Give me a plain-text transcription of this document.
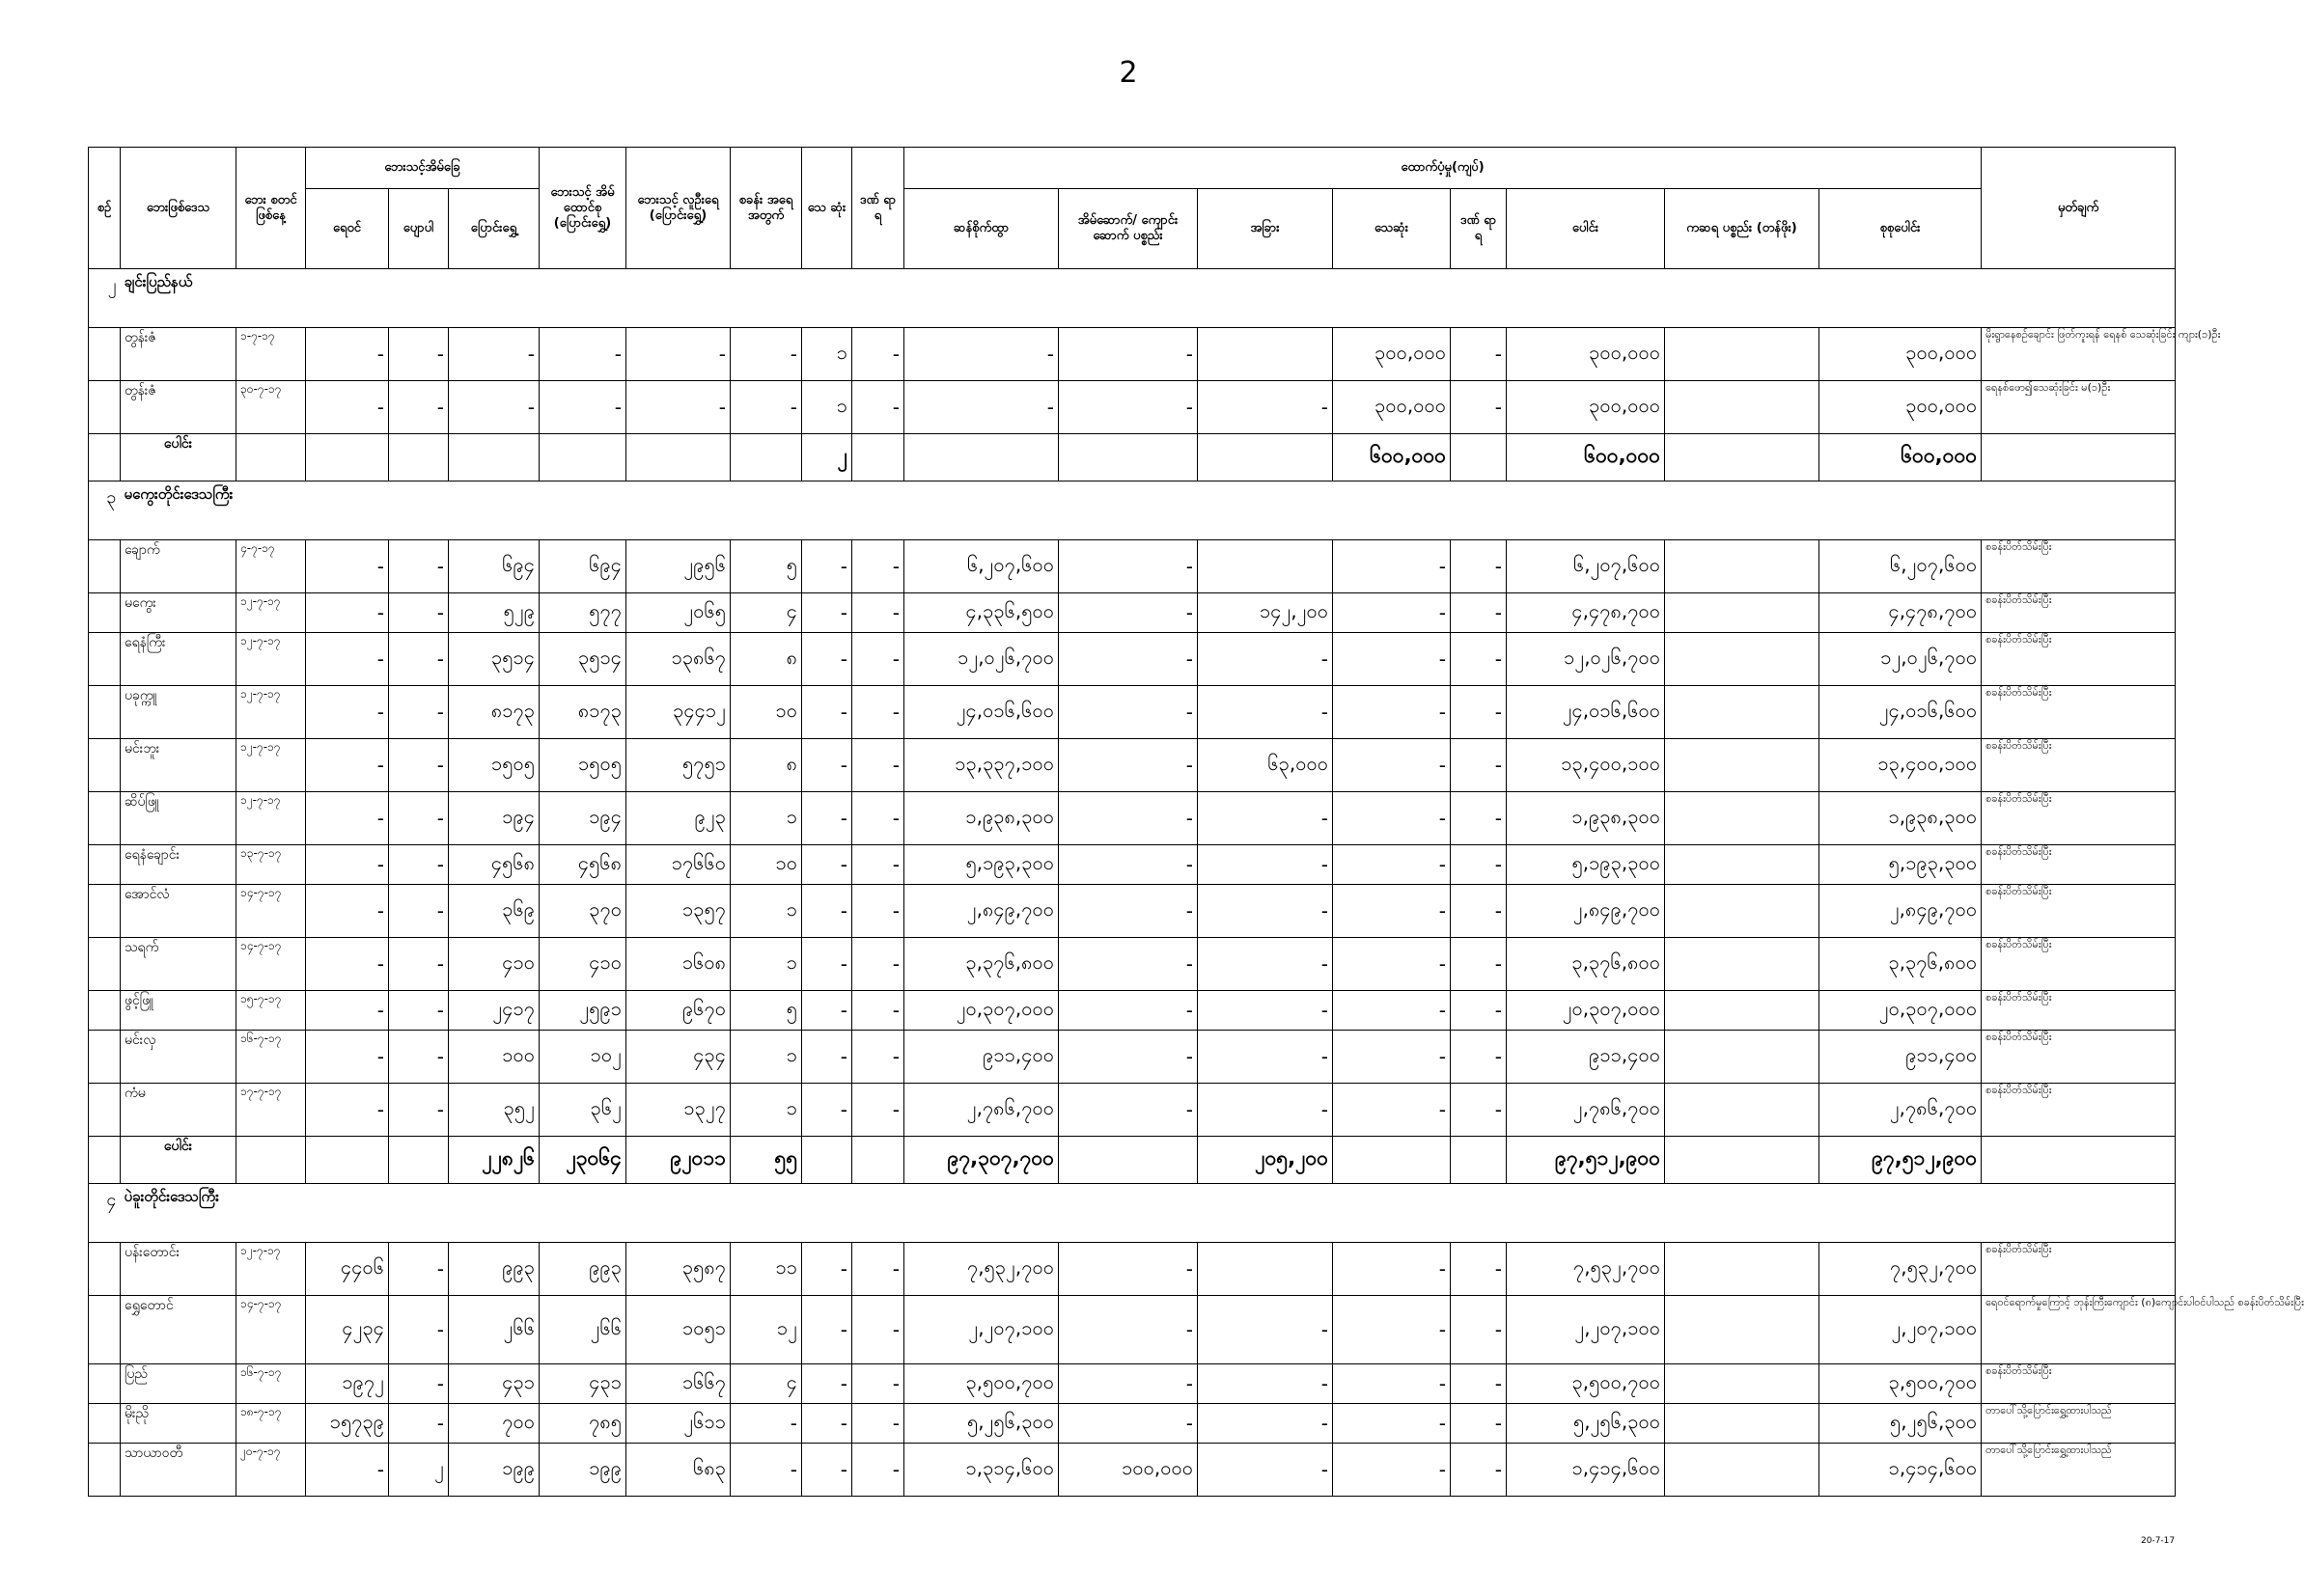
2
စဥ်	ဘေးဖြစ်ဒေသ	ဘေး စတင် ဖြစ်နေ့	ဘေးသင့်အိမ်ခြေ			ဘေးသင့် အိမ် ထောင်စု (ပြောင်းရွှေ့)	ဘေးသင့် လူဦးရေ (ပြောင်းရွှေ့)	စခန်း အရေ အတွက်	သေ ဆုံး	ဒဏ် ရာ ရ	ထောက်ပံ့မှု(ကျပ်)								မှတ်ချက်
			ရေဝင်	ပျောပါ	ပြောင်းရွှေ့						ဆန်စိုက်ထွာ	အိမ်ဆောက်/ ကျောင်းဆောက် ပစ္စည်း	အခြား	သေဆုံး	ဒဏ် ရာ ရ	ပေါင်း	ကဆရ ပစ္စည်း (တန်ဖိုး)	စုစုပေါင်း	
၂	ချင်းပြည်နယ်																		
	တွန်းဇံ	၁-၇-၁၇	-	-	-	-	-	-	၁	-	-	-		၃၀၀,၀၀၀	-	၃၀၀,၀၀၀		၃၀၀,၀၀၀	မိုးရွာနေစဥ်ချောင်း ဖြတ်ကူးရန် ရေနစ် သေဆုံးခြင်း ကျား(၁)ဦး
	တွန်းဇံ	၃၀-၇-၁၇	-	-	-	-	-	-	၁	-	-	-	-	၃၀၀,၀၀၀	-	၃၀၀,၀၀၀		၃၀၀,၀၀၀	ရေနစ်ဖော၍သေဆုံးခြင်း မ(၁)ဦး
	ပေါင်း								၂					၆၀၀,၀၀၀		၆၀၀,၀၀၀		၆၀၀,၀၀၀	
၃	မကွေးတိုင်းဒေသကြီး																		
	ချောက်	၄-၇-၁၇	-	-	၆၉၄	၆၉၄	၂၉၅၆	၅	-	-	၆,၂၀၇,၆၀၀	-		-	-	၆,၂၀၇,၆၀၀		၆,၂၀၇,၆၀၀	စခန်းပိတ်သိမ်းပြီး
	မကွေး	၁၂-၇-၁၇	-	-	၅၂၉	၅၇၇	၂၀၆၅	၄	-	-	၄,၃၃၆,၅၀၀	-	၁၄၂,၂၀၀	-	-	၄,၄၇၈,၇၀၀		၄,၄၇၈,၇၀၀	စခန်းပိတ်သိမ်းပြီး
	ရေနံကြီး	၁၂-၇-၁၇	-	-	၃၅၁၄	၃၅၁၄	၁၃၈၆၇	၈	-	-	၁၂,၀၂၆,၇၀၀	-	-	-	-	၁၂,၀၂၆,၇၀၀		၁၂,၀၂၆,၇၀၀	စခန်းပိတ်သိမ်းပြီး
	ပခုက္ကူ	၁၂-၇-၁၇	-	-	၈၁၇၃	၈၁၇၃	၃၄၄၁၂	၁၀	-	-	၂၄,၀၁၆,၆၀၀	-	-	-	-	၂၄,၀၁၆,၆၀၀		၂၄,၀၁၆,၆၀၀	စခန်းပိတ်သိမ်းပြီး
	မင်းဘူး	၁၂-၇-၁၇	-	-	၁၅၀၅	၁၅၀၅	၅၇၅၁	၈	-	-	၁၃,၃၃၇,၁၀၀	-	၆၃,၀၀၀	-	-	၁၃,၄၀၀,၁၀၀		၁၃,၄၀၀,၁၀၀	စခန်းပိတ်သိမ်းပြီး
	ဆိပ်ဖြူ	၁၂-၇-၁၇	-	-	၁၉၄	၁၉၄	၉၂၃	၁	-	-	၁,၉၃၈,၃၀၀	-	-	-	-	၁,၉၃၈,၃၀၀		၁,၉၃၈,၃၀၀	စခန်းပိတ်သိမ်းပြီး
	ရေနံချောင်း	၁၃-၇-၁၇	-	-	၄၅၆၈	၄၅၆၈	၁၇၆၆၀	၁၀	-	-	၅,၁၉၃,၃၀၀	-	-	-	-	၅,၁၉၃,၃၀၀		၅,၁၉၃,၃၀၀	စခန်းပိတ်သိမ်းပြီး
	အောင်လံ	၁၄-၇-၁၇	-	-	၃၆၉	၃၇၀	၁၃၅၇	၁	-	-	၂,၈၄၉,၇၀၀	-	-	-	-	၂,၈၄၉,၇၀၀		၂,၈၄၉,၇၀၀	စခန်းပိတ်သိမ်းပြီး
	သရက်	၁၄-၇-၁၇	-	-	၄၁၀	၄၁၀	၁၆၀၈	၁	-	-	၃,၃၇၆,၈၀၀	-	-	-	-	၃,၃၇၆,၈၀၀		၃,၃၇၆,၈၀၀	စခန်းပိတ်သိမ်းပြီး
	ဖွင့်ဖြူ	၁၅-၇-၁၇	-	-	၂၄၁၇	၂၅၉၁	၉၆၇၀	၅	-	-	၂၀,၃၀၇,၀၀၀	-	-	-	-	၂၀,၃၀၇,၀၀၀		၂၀,၃၀၇,၀၀၀	စခန်းပိတ်သိမ်းပြီး
	မင်းလှ	၁၆-၇-၁၇	-	-	၁၀၀	၁၀၂	၄၃၄	၁	-	-	၉၁၁,၄၀၀	-	-	-	-	၉၁၁,၄၀၀		၉၁၁,၄၀၀	စခန်းပိတ်သိမ်းပြီး
	ကံမ	၁၇-၇-၁၇	-	-	၃၅၂	၃၆၂	၁၃၂၇	၁	-	-	၂,၇၈၆,၇၀၀	-	-	-	-	၂,၇၈၆,၇၀၀		၂,၇၈၆,၇၀၀	စခန်းပိတ်သိမ်းပြီး
	ပေါင်း				၂၂၈၂၆	၂၃၀၆၄	၉၂၀၁၁	၅၅			၉၇,၃၀၇,၇၀၀		၂၀၅,၂၀၀			၉၇,၅၁၂,၉၀၀		၉၇,၅၁၂,၉၀၀	
၄	ပဲခူးတိုင်းဒေသကြီး																		
	ပန်းတောင်း	၁၂-၇-၁၇	၄၄၀၆	-	၉၉၃	၉၉၃	၃၅၈၇	၁၁	-	-	၇,၅၃၂,၇၀၀	-		-	-	၇,၅၃၂,၇၀၀		၇,၅၃၂,၇၀၀	စခန်းပိတ်သိမ်းပြီး
	ရွှေတောင်	၁၄-၇-၁၇	၄၂၃၄	-	၂၆၆	၂၆၆	၁၀၅၁	၁၂	-	-	၂,၂၀၇,၁၀၀	-	-	-	-	၂,၂၀၇,၁၀၀		၂,၂၀၇,၁၀၀	ရေဝင်ရောက်မှုကြောင့် ဘုန်းကြီးကျောင်း (၈)ကျောင်းပါဝင်ပါသည် စခန်းပိတ်သိမ်းပြီး
	ပြည်	၁၆-၇-၁၇	၁၉၇၂	-	၄၃၁	၄၃၁	၁၆၆၇	၄	-	-	၃,၅၀၀,၇၀၀	-	-	-	-	၃,၅၀၀,၇၀၀		၃,၅၀၀,၇၀၀	စခန်းပိတ်သိမ်းပြီး
	မိုးညို	၁၈-၇-၁၇	၁၅၇၃၉	-	၇၀၀	၇၈၅	၂၆၁၁	-	-	-	၅,၂၅၆,၃၀၀	-	-	-	-	၅,၂၅၆,၃၀၀		၅,၂၅၆,၃၀၀	တာပေါ်သို့ပြောင်းရွှေ့ထားပါသည်
	သာယာဝတီ	၂၀-၇-၁၇	-	၂	၁၉၉	၁၉၉	၆၈၃	-	-	-	၁,၃၁၄,၆၀၀	၁၀၀,၀၀၀	-	-	-	၁,၄၁၄,၆၀၀		၁,၄၁၄,၆၀၀	တာပေါ်သို့ပြောင်းရွှေ့ထားပါသည်
20-7-17
